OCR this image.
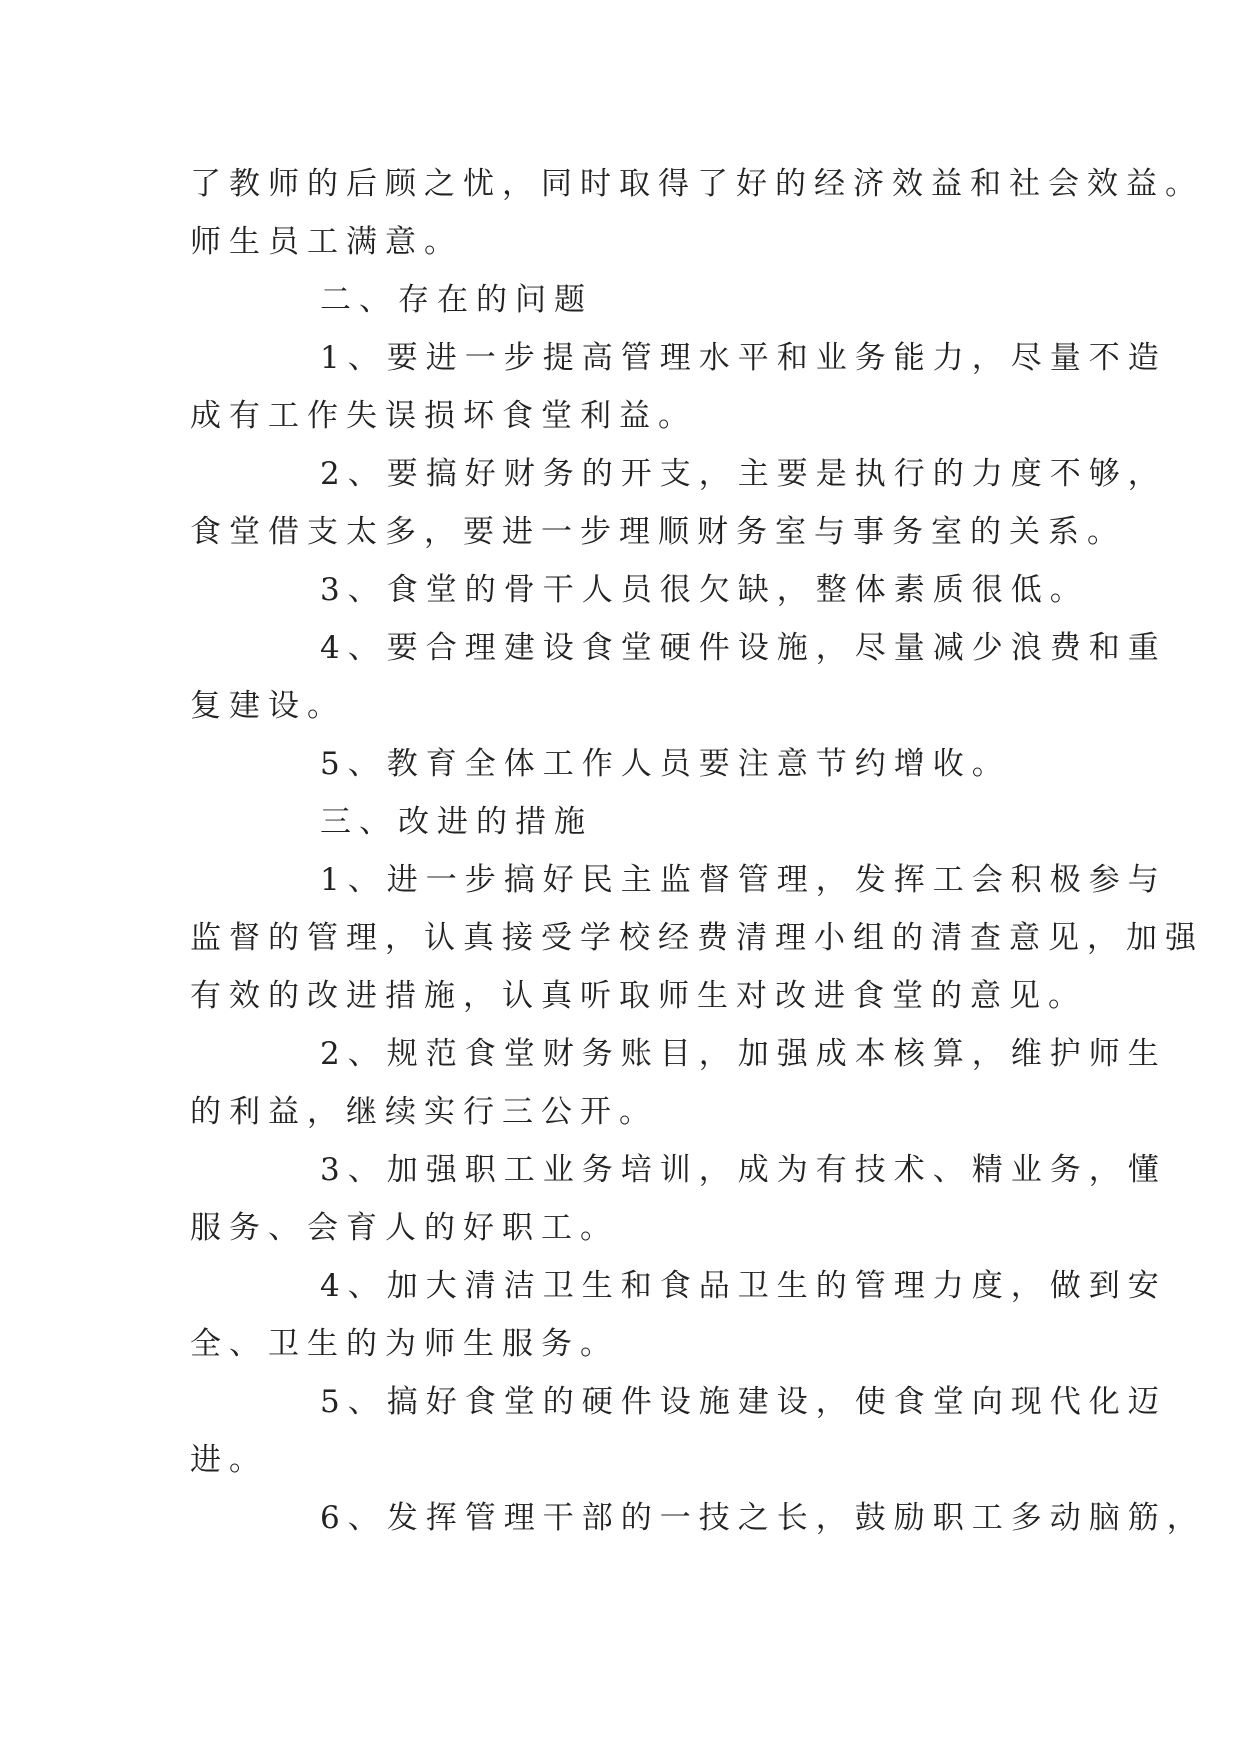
了教师的后顾之忧，同时取得了好的经济效益和社会效益。
师生员工满意。
二、存在的问题
1、要进一步提高管理水平和业务能力，尽量不造
成有工作失误损坏食堂利益。
2、要搞好财务的开支，主要是执行的力度不够，
食堂借支太多，要进一步理顺财务室与事务室的关系。
3、食堂的骨干人员很欠缺，整体素质很低。
4、要合理建设食堂硬件设施，尽量减少浪费和重
复建设。
5、教育全体工作人员要注意节约增收。
三、改进的措施
1、进一步搞好民主监督管理，发挥工会积极参与
监督的管理，认真接受学校经费清理小组的清查意见，加强
有效的改进措施，认真听取师生对改进食堂的意见。
2、规范食堂财务账目，加强成本核算，维护师生
的利益，继续实行三公开。
3、加强职工业务培训，成为有技术、精业务，懂
服务、会育人的好职工。
4、加大清洁卫生和食品卫生的管理力度，做到安
全、卫生的为师生服务。
5、搞好食堂的硬件设施建设，使食堂向现代化迈
进。
6、发挥管理干部的一技之长，鼓励职工多动脑筋，
